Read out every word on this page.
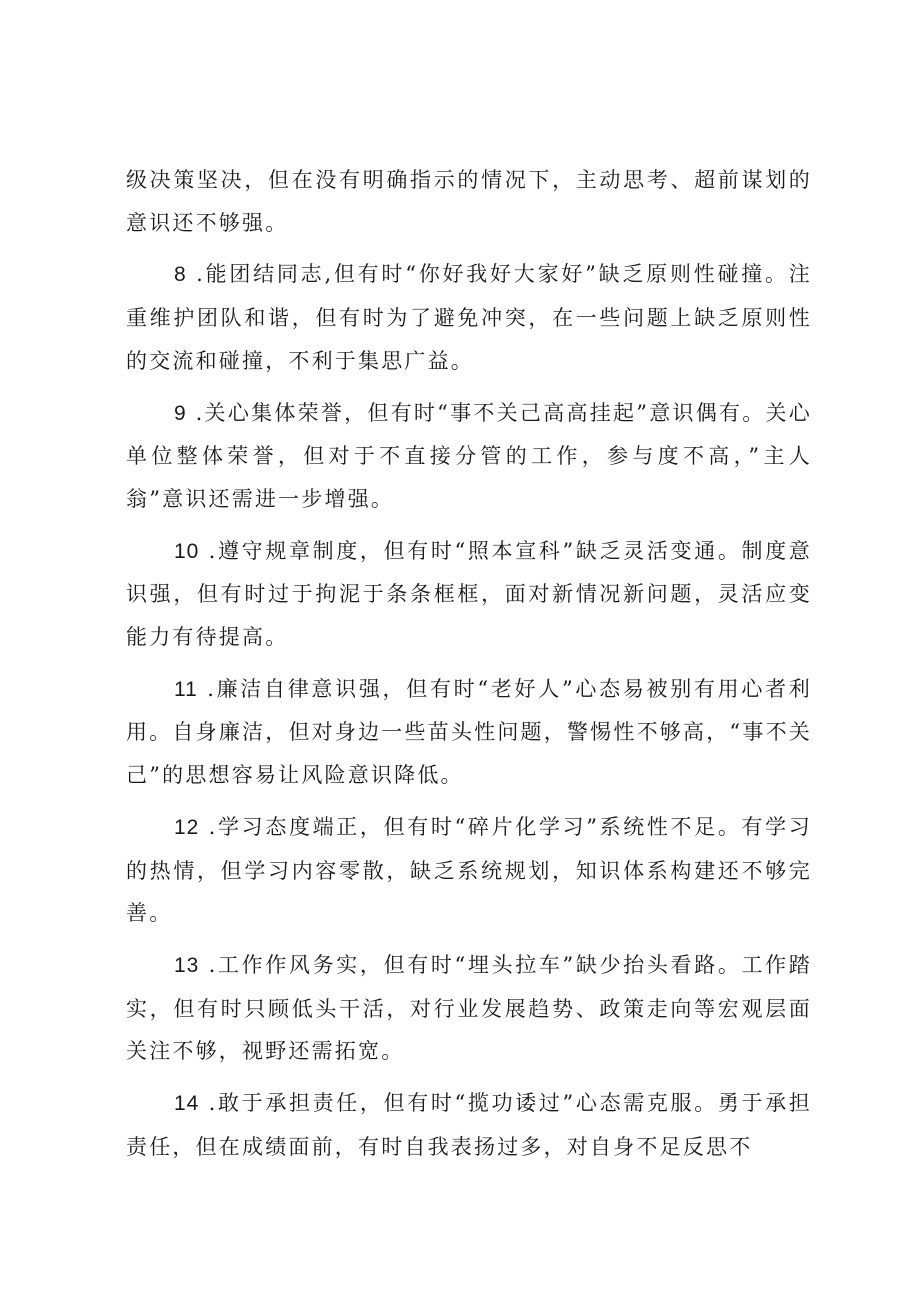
级决策坚决，但在没有明确指示的情况下，主动思考、超前谋划的意识还不够强。

8 .能团结同志,但有时“你好我好大家好”缺乏原则性碰撞。注重维护团队和谐，但有时为了避免冲突，在一些问题上缺乏原则性的交流和碰撞，不利于集思广益。

9 .关心集体荣誉，但有时“事不关己高高挂起”意识偶有。关心单位整体荣誉，但对于不直接分管的工作，参与度不高，”主人翁”意识还需进一步增强。

10 .遵守规章制度，但有时“照本宣科”缺乏灵活变通。制度意识强，但有时过于拘泥于条条框框，面对新情况新问题，灵活应变能力有待提高。

11 .廉洁自律意识强，但有时“老好人”心态易被别有用心者利用。自身廉洁，但对身边一些苗头性问题，警惕性不够高，“事不关己”的思想容易让风险意识降低。

12 .学习态度端正，但有时“碎片化学习”系统性不足。有学习的热情，但学习内容零散，缺乏系统规划，知识体系构建还不够完善。

13 .工作作风务实，但有时“埋头拉车”缺少抬头看路。工作踏实，但有时只顾低头干活，对行业发展趋势、政策走向等宏观层面关注不够，视野还需拓宽。

14 .敢于承担责任，但有时“揽功诿过”心态需克服。勇于承担责任，但在成绩面前，有时自我表扬过多，对自身不足反思不
